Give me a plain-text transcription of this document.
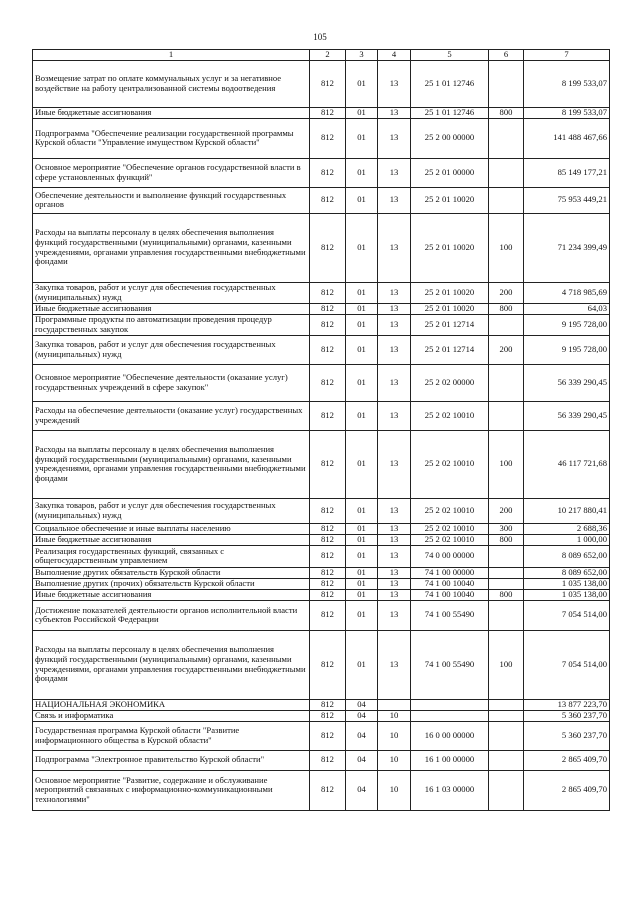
105
1	2	3	4	5	6	7
Возмещение затрат по оплате коммунальных услуг и за негативное воздействие на работу централизованной системы водоотведения	812	01	13	25 1 01 12746		8 199 533,07
Иные бюджетные ассигнования	812	01	13	25 1 01 12746	800	8 199 533,07
Подпрограмма "Обеспечение реализации государственной программы Курской области "Управление имуществом Курской области"	812	01	13	25 2 00 00000		141 488 467,66
Основное мероприятие "Обеспечение органов государственной власти в сфере установленных функций"	812	01	13	25 2 01 00000		85 149 177,21
Обеспечение деятельности и выполнение функций государственных органов	812	01	13	25 2 01 10020		75 953 449,21
Расходы на выплаты персоналу в целях обеспечения выполнения функций государственными (муниципальными) органами, казенными учреждениями, органами управления государственными внебюджетными фондами	812	01	13	25 2 01 10020	100	71 234 399,49
Закупка товаров, работ и услуг для обеспечения государственных (муниципальных) нужд	812	01	13	25 2 01 10020	200	4 718 985,69
Иные бюджетные ассигнования	812	01	13	25 2 01 10020	800	64,03
Программные продукты по автоматизации проведения процедур государственных закупок	812	01	13	25 2 01 12714		9 195 728,00
Закупка товаров, работ и услуг для обеспечения государственных (муниципальных) нужд	812	01	13	25 2 01 12714	200	9 195 728,00
Основное мероприятие "Обеспечение деятельности (оказание услуг) государственных учреждений в сфере закупок"	812	01	13	25 2 02 00000		56 339 290,45
Расходы на обеспечение деятельности (оказание услуг) государственных учреждений	812	01	13	25 2 02 10010		56 339 290,45
Расходы на выплаты персоналу в целях обеспечения выполнения функций государственными (муниципальными) органами, казенными учреждениями, органами управления государственными внебюджетными фондами	812	01	13	25 2 02 10010	100	46 117 721,68
Закупка товаров, работ и услуг для обеспечения государственных (муниципальных) нужд	812	01	13	25 2 02 10010	200	10 217 880,41
Социальное обеспечение и иные выплаты населению	812	01	13	25 2 02 10010	300	2 688,36
Иные бюджетные ассигнования	812	01	13	25 2 02 10010	800	1 000,00
Реализация государственных функций, связанных с общегосударственным управлением	812	01	13	74 0 00 00000		8 089 652,00
Выполнение других обязательств Курской области	812	01	13	74 1 00 00000		8 089 652,00
Выполнение других (прочих) обязательств Курской области	812	01	13	74 1 00 10040		1 035 138,00
Иные бюджетные ассигнования	812	01	13	74 1 00 10040	800	1 035 138,00
Достижение показателей деятельности органов исполнительной власти субъектов Российской Федерации	812	01	13	74 1 00 55490		7 054 514,00
Расходы на выплаты персоналу в целях обеспечения выполнения функций государственными (муниципальными) органами, казенными учреждениями, органами управления государственными внебюджетными фондами	812	01	13	74 1 00 55490	100	7 054 514,00
НАЦИОНАЛЬНАЯ ЭКОНОМИКА	812	04				13 877 223,70
Связь и информатика	812	04	10			5 360 237,70
Государственная программа Курской области "Развитие информационного общества в Курской области"	812	04	10	16 0 00 00000		5 360 237,70
Подпрограмма "Электронное правительство Курской области"	812	04	10	16 1 00 00000		2 865 409,70
Основное мероприятие "Развитие, содержание и обслуживание мероприятий связанных с информационно-коммуникационными технологиями"	812	04	10	16 1 03 00000		2 865 409,70
